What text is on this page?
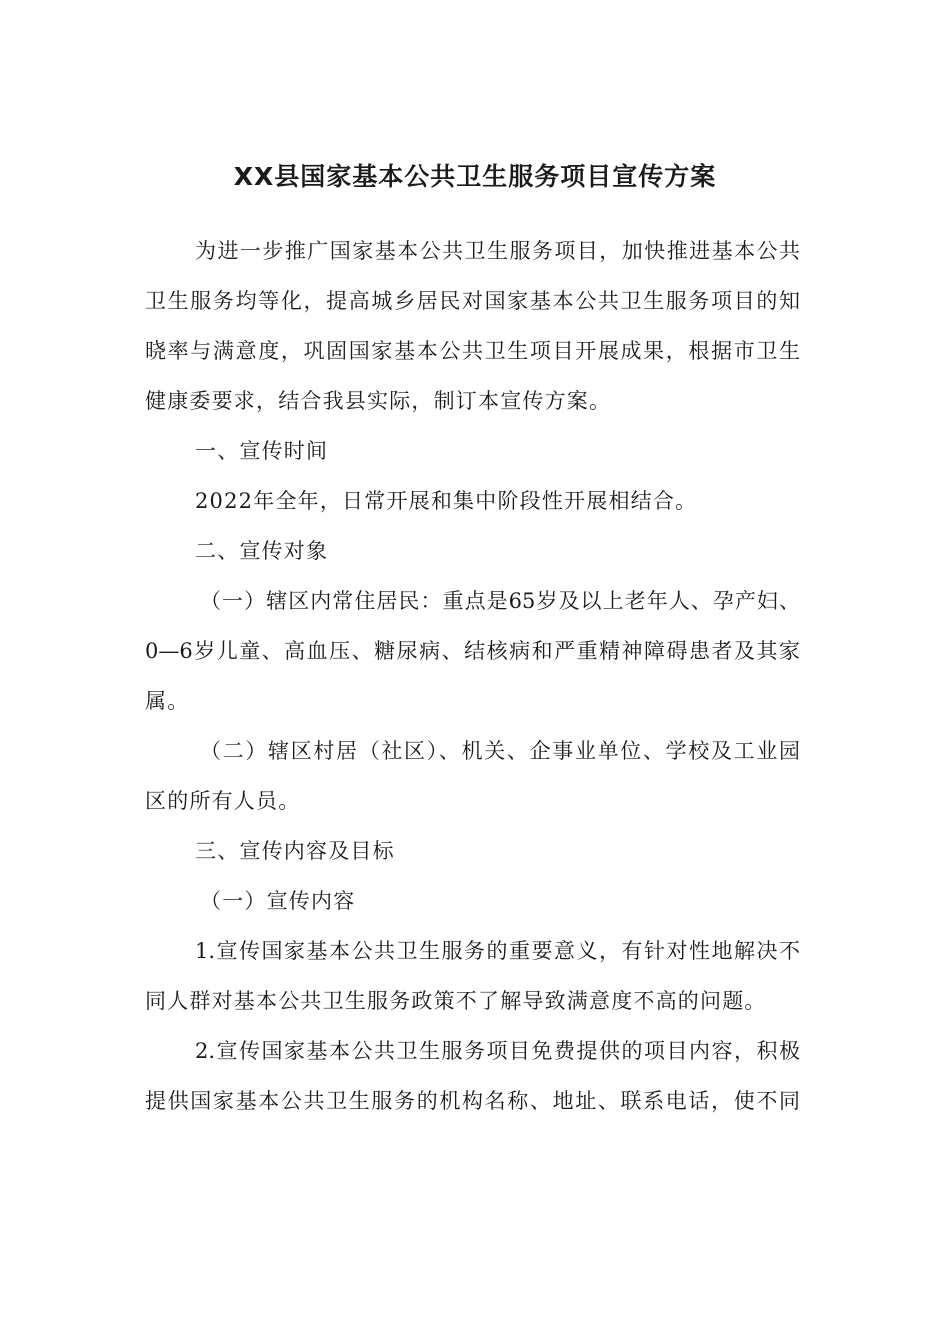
XX县国家基本公共卫生服务项目宣传方案
为进一步推广国家基本公共卫生服务项目，加快推进基本公共
卫生服务均等化，提高城乡居民对国家基本公共卫生服务项目的知
晓率与满意度，巩固国家基本公共卫生项目开展成果，根据市卫生
健康委要求，结合我县实际，制订本宣传方案。
一、宣传时间
2022年全年，日常开展和集中阶段性开展相结合。
二、宣传对象
（一）辖区内常住居民：重点是65岁及以上老年人、孕产妇、
0—6岁儿童、高血压、糖尿病、结核病和严重精神障碍患者及其家
属。
（二）辖区村居（社区）、机关、企事业单位、学校及工业园
区的所有人员。
三、宣传内容及目标
（一）宣传内容
1.宣传国家基本公共卫生服务的重要意义，有针对性地解决不
同人群对基本公共卫生服务政策不了解导致满意度不高的问题。
2.宣传国家基本公共卫生服务项目免费提供的项目内容，积极
提供国家基本公共卫生服务的机构名称、地址、联系电话，使不同
